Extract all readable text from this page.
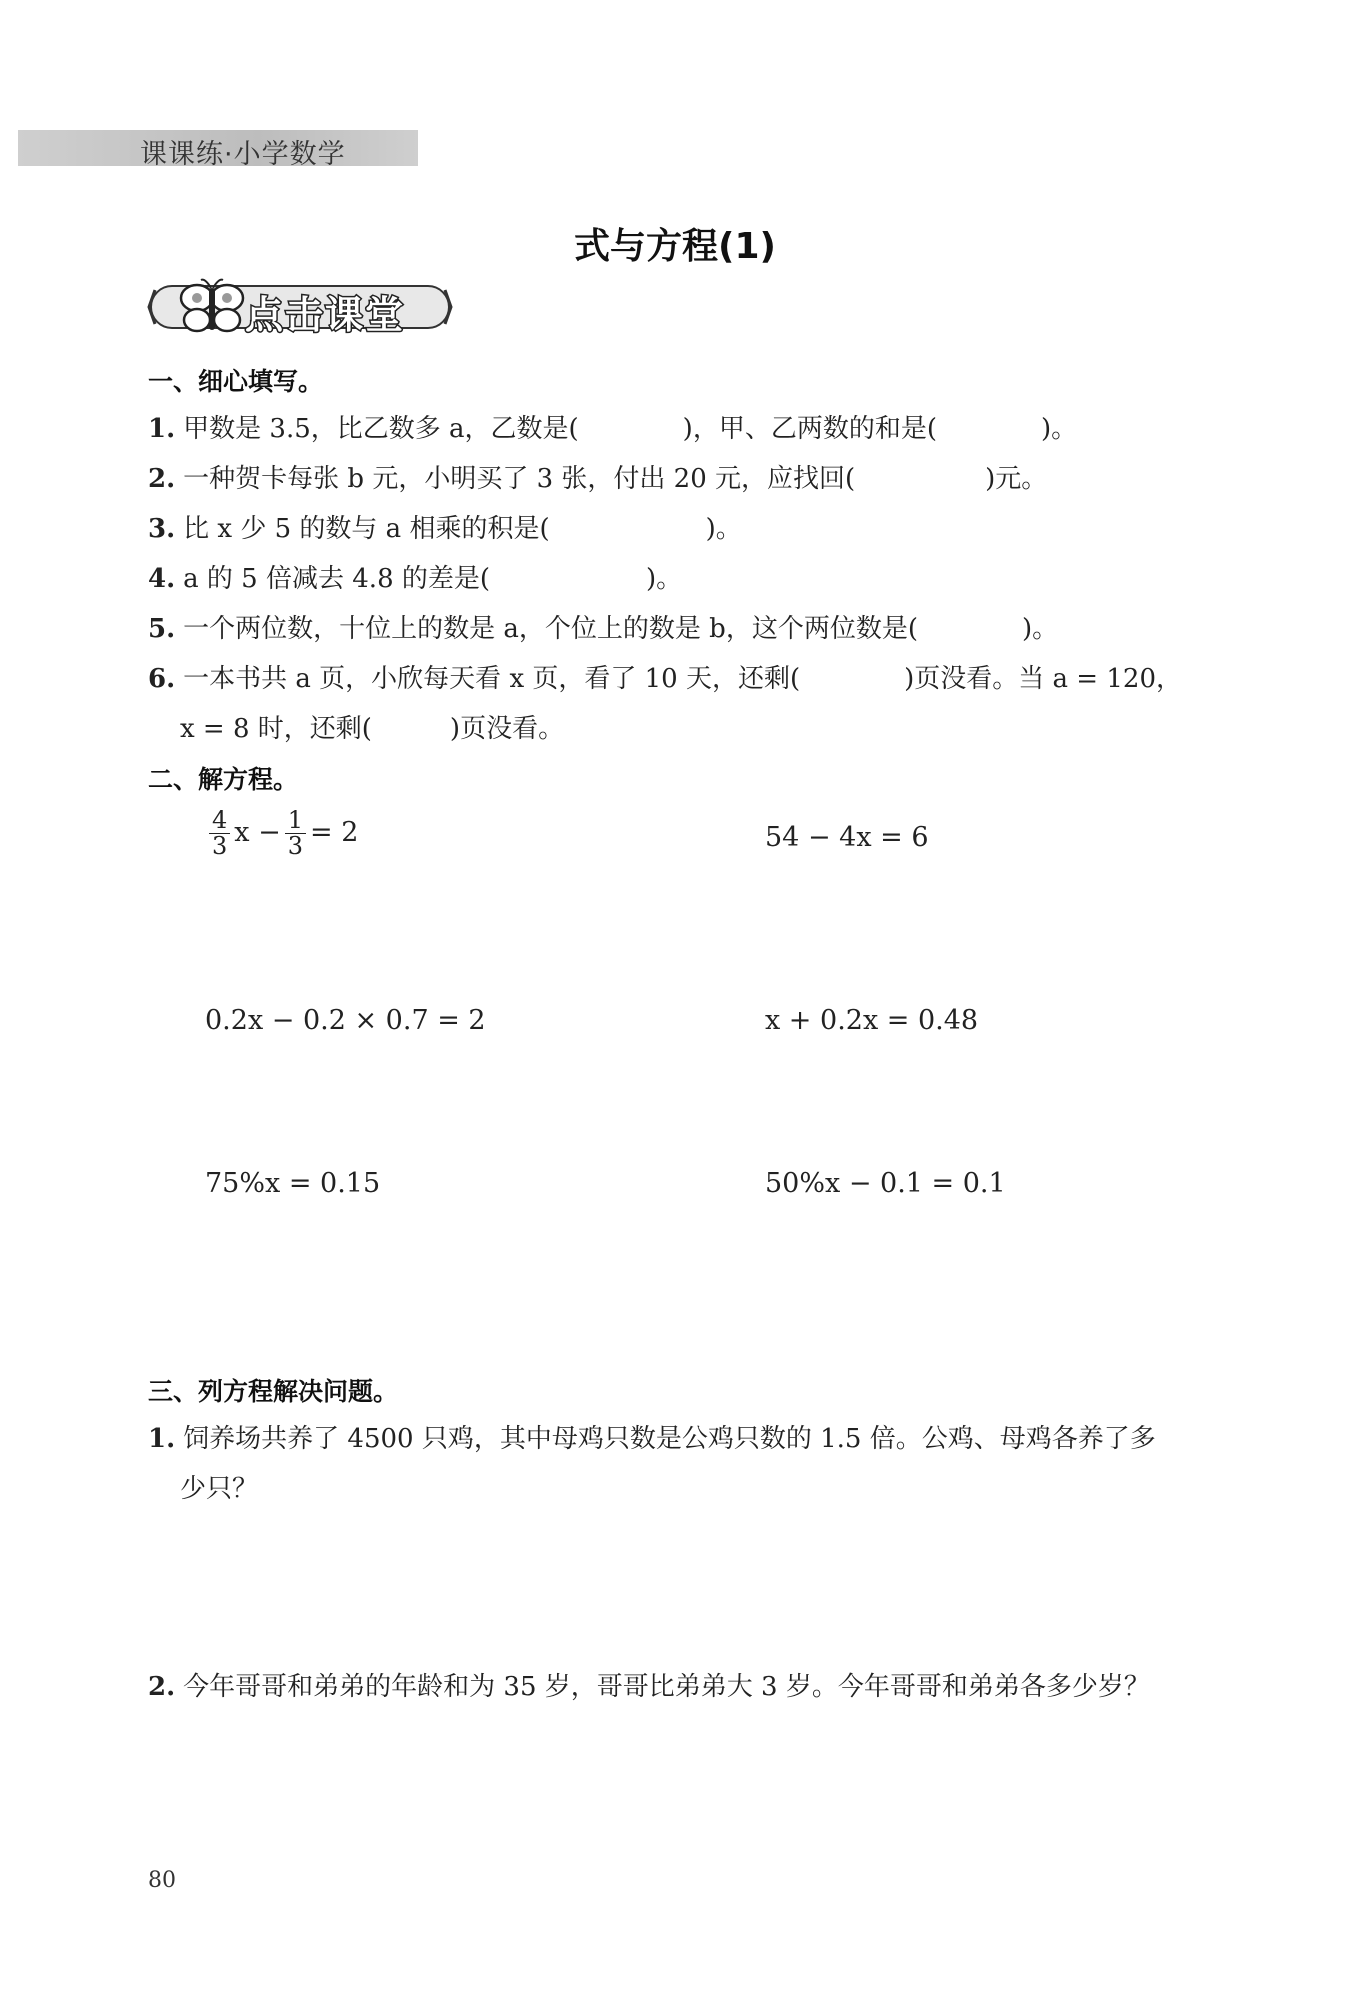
课课练·小学数学
式与方程(1)
点击课堂
一、细心填写。
1. 甲数是 3.5，比乙数多 a，乙数是(　　　　)，甲、乙两数的和是(　　　　)。
2. 一种贺卡每张 b 元，小明买了 3 张，付出 20 元，应找回(　　　　　)元。
3. 比 x 少 5 的数与 a 相乘的积是(　　　　　　)。
4. a 的 5 倍减去 4.8 的差是(　　　　　　)。
5. 一个两位数，十位上的数是 a，个位上的数是 b，这个两位数是(　　　　)。
6. 一本书共 a 页，小欣每天看 x 页，看了 10 天，还剩(　　　　)页没看。当 a = 120，
x = 8 时，还剩(　　　)页没看。
二、解方程。
$\frac{4}{3}$ $x - \frac{1}{3} = 2$	54 − 4x = 6
0.2x − 0.2 × 0.7 = 2	x + 0.2x = 0.48
75%x = 0.15	50%x − 0.1 = 0.1
三、列方程解决问题。
1. 饲养场共养了 4500 只鸡，其中母鸡只数是公鸡只数的 1.5 倍。公鸡、母鸡各养了多
少只？
2. 今年哥哥和弟弟的年龄和为 35 岁，哥哥比弟弟大 3 岁。今年哥哥和弟弟各多少岁？
80
